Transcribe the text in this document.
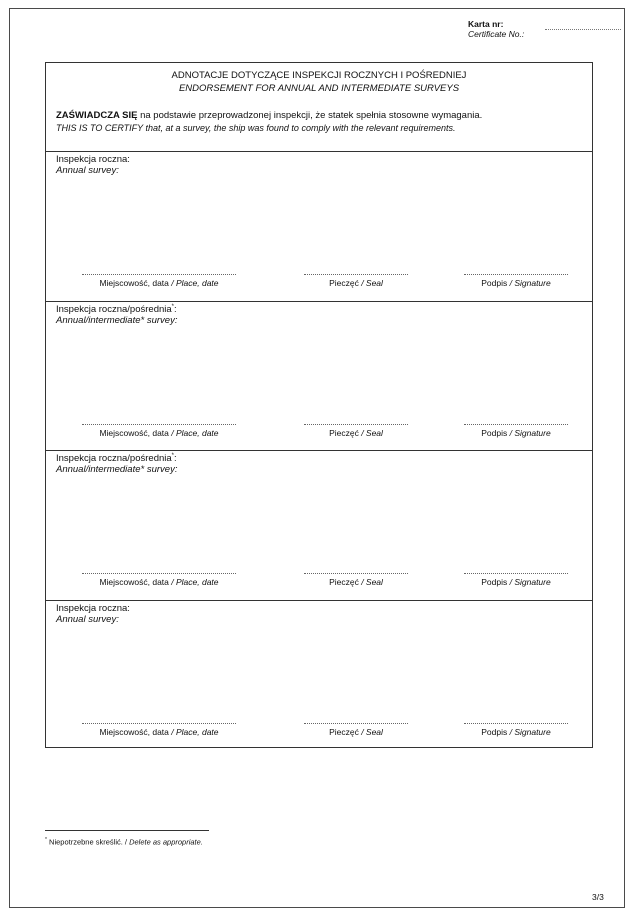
Karta nr:
Certificate No.:
ADNOTACJE DOTYCZĄCE INSPEKCJI ROCZNYCH I POŚREDNIEJ
ENDORSEMENT FOR ANNUAL AND INTERMEDIATE SURVEYS
ZAŚWIADCZA SIĘ na podstawie przeprowadzonej inspekcji, że statek spełnia stosowne wymagania.
THIS IS TO CERTIFY that, at a survey, the ship was found to comply with the relevant requirements.
Inspekcja roczna:
Annual survey:
Miejscowość, data / Place, date	Pieczęć / Seal	Podpis / Signature
Inspekcja roczna/pośrednia*:
Annual/intermediate* survey:
Miejscowość, data / Place, date	Pieczęć / Seal	Podpis / Signature
Inspekcja roczna/pośrednia*:
Annual/intermediate* survey:
Miejscowość, data / Place, date	Pieczęć / Seal	Podpis / Signature
Inspekcja roczna:
Annual survey:
Miejscowość, data / Place, date	Pieczęć / Seal	Podpis / Signature
* Niepotrzebne skreślić. / Delete as appropriate.
3/3
